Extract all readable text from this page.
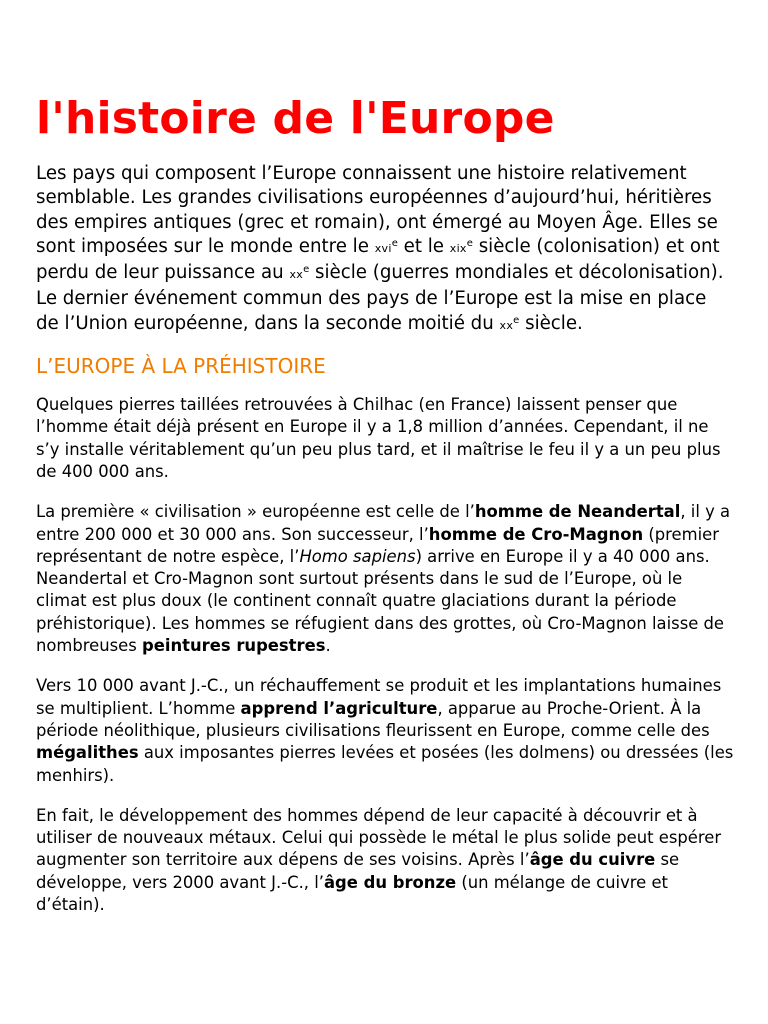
l'histoire de l'Europe

Les pays qui composent l’Europe connaissent une histoire relativement semblable. Les grandes civilisations européennes d’aujourd’hui, héritières des empires antiques (grec et romain), ont émergé au Moyen Âge. Elles se sont imposées sur le monde entre le xvi$^e$ et le xix$^e$ siècle (colonisation) et ont perdu de leur puissance au $xx^e$ siècle (guerres mondiales et décolonisation). Le dernier événement commun des pays de l’Europe est la mise en place de l’Union européenne, dans la seconde moitié du $xx^e$ siècle.

L’EUROPE À LA PRÉHISTOIRE

Quelques pierres taillées retrouvées à Chilhac (en France) laissent penser que l’homme était déjà présent en Europe il y a 1,8 million d’années. Cependant, il ne s’y installe véritablement qu’un peu plus tard, et il maîtrise le feu il y a un peu plus de 400 000 ans.

La première « civilisation » européenne est celle de l’homme de Neandertal, il y a entre 200 000 et 30 000 ans. Son successeur, l’homme de Cro-Magnon (premier représentant de notre espèce, l’Homo sapiens) arrive en Europe il y a 40 000 ans. Neandertal et Cro-Magnon sont surtout présents dans le sud de l’Europe, où le climat est plus doux (le continent connaît quatre glaciations durant la période préhistorique). Les hommes se réfugient dans des grottes, où Cro-Magnon laisse de nombreuses peintures rupestres.

Vers 10 000 avant J.-C., un réchauffement se produit et les implantations humaines se multiplient. L’homme apprend l’agriculture, apparue au Proche-Orient. À la période néolithique, plusieurs civilisations fleurissent en Europe, comme celle des mégalithes aux imposantes pierres levées et posées (les dolmens) ou dressées (les menhirs).

En fait, le développement des hommes dépend de leur capacité à découvrir et à utiliser de nouveaux métaux. Celui qui possède le métal le plus solide peut espérer augmenter son territoire aux dépens de ses voisins. Après l’âge du cuivre se développe, vers 2000 avant J.-C., l’âge du bronze (un mélange de cuivre et d’étain).
